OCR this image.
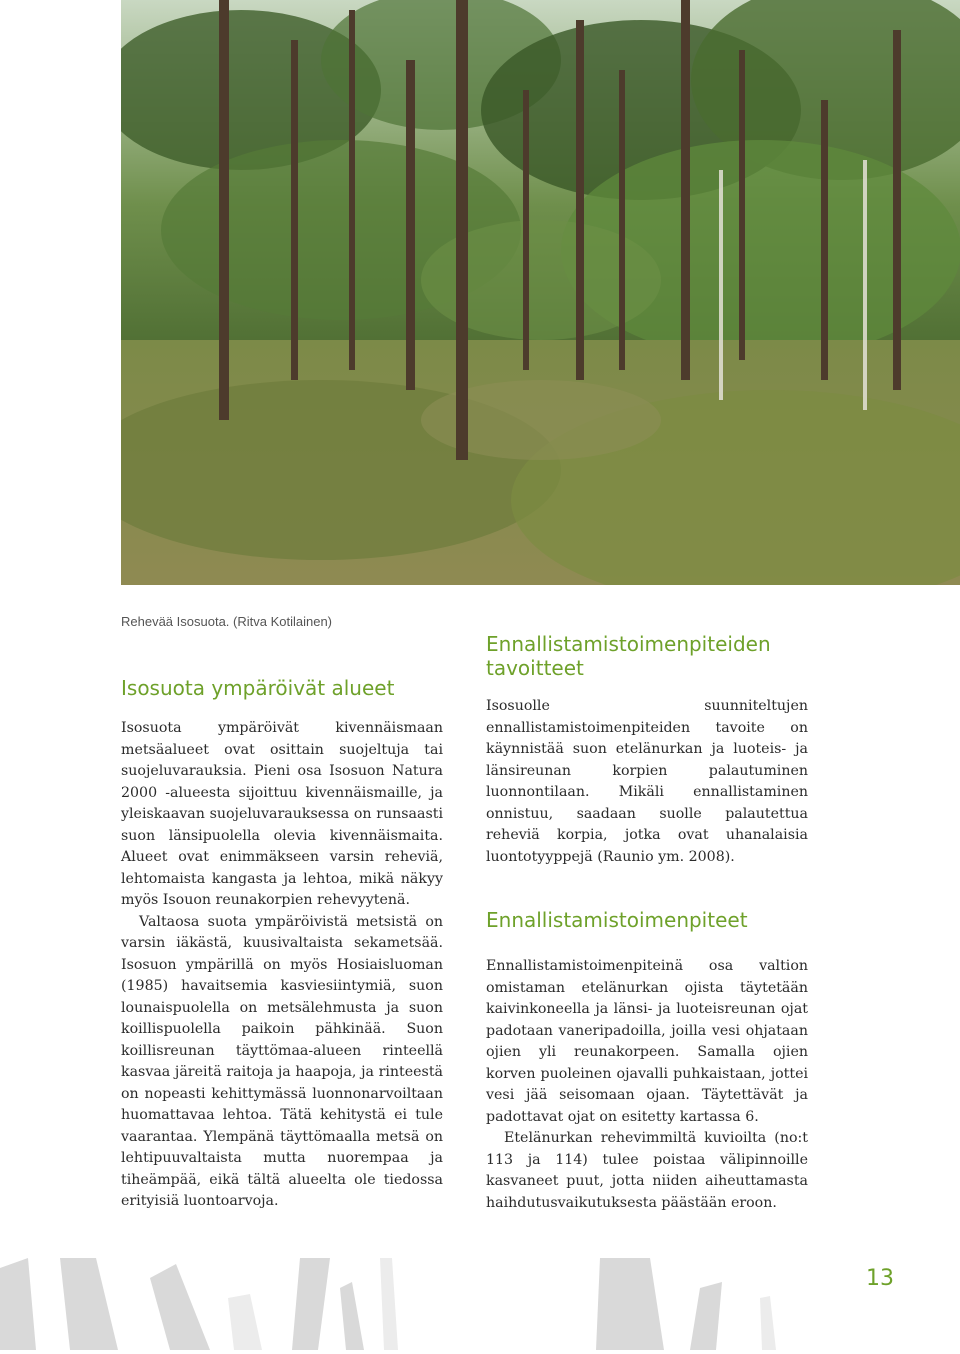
Rehevää Isosuota. (Ritva Kotilainen)
Isosuota ympäröivät alueet

Isosuota ympäröivät kivennäismaan metsäalueet ovat osittain suojeltuja tai suojeluvarauksia. Pieni osa Isosuon Natura 2000 -alueesta sijoittuu kivennäismaille, ja yleiskaavan suojeluvarauksessa on runsaasti suon länsipuolella olevia kivennäismaita. Alueet ovat enimmäkseen varsin reheviä, lehtomaista kangasta ja lehtoa, mikä näkyy myös Isouon reunakorpien rehevyytenä.

Valtaosa suota ympäröivistä metsistä on varsin iäkästä, kuusivaltaista sekametsää. Isosuon ympärillä on myös Hosiaisluoman (1985) havaitsemia kasviesiintymiä, suon lounaispuolella on metsälehmusta ja suon koillispuolella paikoin pähkinää. Suon koillisreunan täyttömaa-alueen rinteellä kasvaa järeitä raitoja ja haapoja, ja rinteestä on nopeasti kehittymässä luonnonarvoiltaan huomattavaa lehtoa. Tätä kehitystä ei tule vaarantaa. Ylempänä täyttömaalla metsä on lehtipuuvaltaista mutta nuorempaa ja tiheämpää, eikä tältä alueelta ole tiedossa erityisiä luontoarvoja.

Ennallistamistoimenpiteiden tavoitteet

Isosuolle suunniteltujen ennallistamistoimenpiteiden tavoite on käynnistää suon etelänurkan ja luoteis- ja länsireunan korpien palautuminen luonnontilaan. Mikäli ennallistaminen onnistuu, saadaan suolle palautettua reheviä korpia, jotka ovat uhanalaisia luontotyyppejä (Raunio ym. 2008).

Ennallistamistoimenpiteet

Ennallistamistoimenpiteinä osa valtion omistaman etelänurkan ojista täytetään kaivinkoneella ja länsi- ja luoteisreunan ojat padotaan vaneripadoilla, joilla vesi ohjataan ojien yli reunakorpeen. Samalla ojien korven puoleinen ojavalli puhkaistaan, jottei vesi jää seisomaan ojaan. Täytettävät ja padottavat ojat on esitetty kartassa 6.

Etelänurkan rehevimmiltä kuvioilta (no:t 113 ja 114) tulee poistaa välipinnoille kasvaneet puut, jotta niiden aiheuttamasta haihdutusvaikutuksesta päästään eroon.

13
